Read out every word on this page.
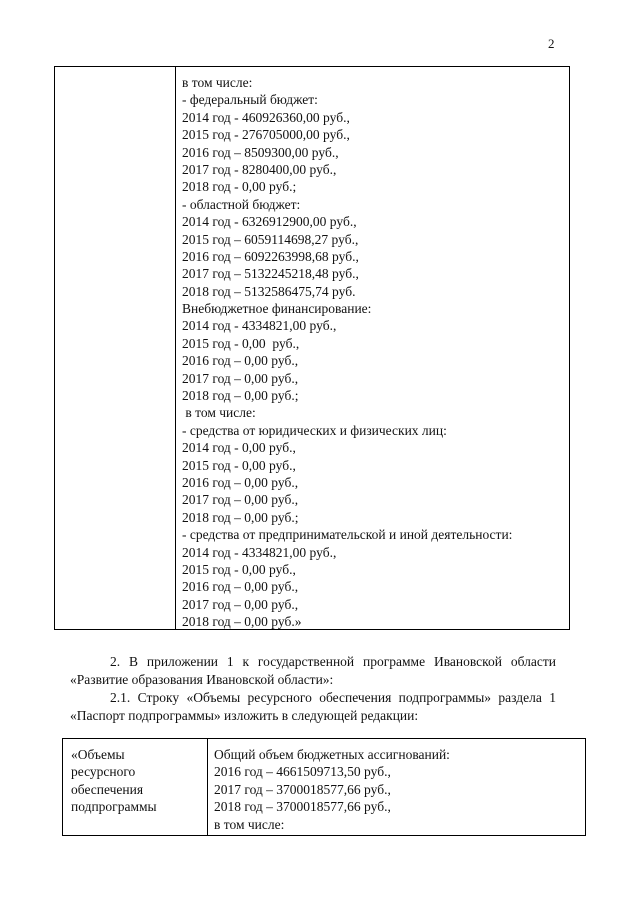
2
в том числе:
- федеральный бюджет:
2014 год - 460926360,00 руб.,
2015 год - 276705000,00 руб.,
2016 год – 8509300,00 руб.,
2017 год - 8280400,00 руб.,
2018 год - 0,00 руб.;
- областной бюджет:
2014 год - 6326912900,00 руб.,
2015 год – 6059114698,27 руб.,
2016 год – 6092263998,68 руб.,
2017 год – 5132245218,48 руб.,
2018 год – 5132586475,74 руб.
Внебюджетное финансирование:
2014 год - 4334821,00 руб.,
2015 год - 0,00  руб.,
2016 год – 0,00 руб.,
2017 год – 0,00 руб.,
2018 год – 0,00 руб.;
в том числе:
- средства от юридических и физических лиц:
2014 год - 0,00 руб.,
2015 год - 0,00 руб.,
2016 год – 0,00 руб.,
2017 год – 0,00 руб.,
2018 год – 0,00 руб.;
- средства от предпринимательской и иной деятельности:
2014 год - 4334821,00 руб.,
2015 год - 0,00 руб.,
2016 год – 0,00 руб.,
2017 год – 0,00 руб.,
2018 год – 0,00 руб.»
2. В приложении 1 к государственной программе Ивановской области «Развитие образования Ивановской области»:
2.1. Строку «Объемы ресурсного обеспечения подпрограммы» раздела 1 «Паспорт подпрограммы» изложить в следующей редакции:
«Объемы
ресурсного
обеспечения
подпрограммы
Общий объем бюджетных ассигнований:
2016 год – 4661509713,50 руб.,
2017 год – 3700018577,66 руб.,
2018 год – 3700018577,66 руб.,
в том числе:
